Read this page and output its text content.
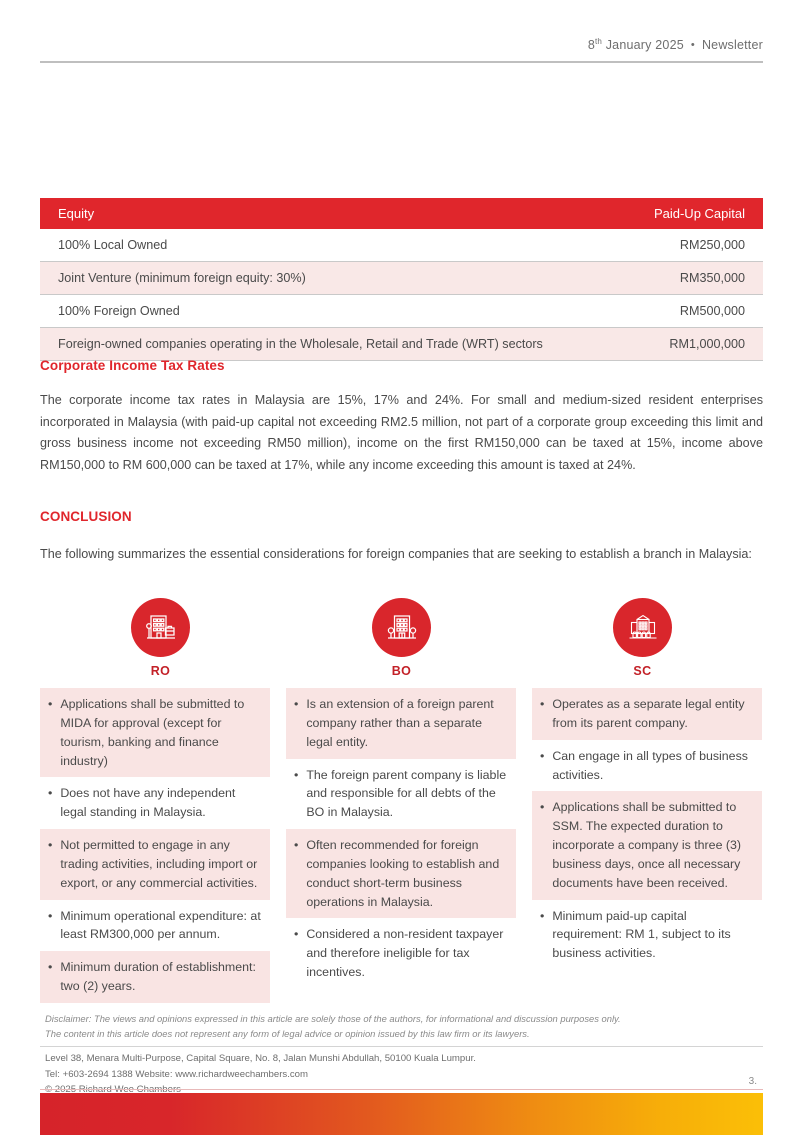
8th January 2025 • Newsletter
Equity	Paid-Up Capital
100% Local Owned	RM250,000
Joint Venture (minimum foreign equity: 30%)	RM350,000
100% Foreign Owned	RM500,000
Foreign-owned companies operating in the Wholesale, Retail and Trade (WRT) sectors	RM1,000,000
Corporate Income Tax Rates
The corporate income tax rates in Malaysia are 15%, 17% and 24%. For small and medium-sized resident enterprises incorporated in Malaysia (with paid-up capital not exceeding RM2.5 million, not part of a corporate group exceeding this limit and gross business income not exceeding RM50 million), income on the first RM150,000 can be taxed at 15%, income above RM150,000 to RM 600,000 can be taxed at 17%, while any income exceeding this amount is taxed at 24%.
CONCLUSION
The following summarizes the essential considerations for foreign companies that are seeking to establish a branch in Malaysia:
RO	BO	SC
• Applications shall be submitted to MIDA for approval (except for tourism, banking and finance industry)
• Does not have any independent legal standing in Malaysia.
• Not permitted to engage in any trading activities, including import or export, or any commercial activities.
• Minimum operational expenditure: at least RM300,000 per annum.
• Minimum duration of establishment: two (2) years.
• Is an extension of a foreign parent company rather than a separate legal entity.
• The foreign parent company is liable and responsible for all debts of the BO in Malaysia.
• Often recommended for foreign companies looking to establish and conduct short-term business operations in Malaysia.
• Considered a non-resident taxpayer and therefore ineligible for tax incentives.
• Operates as a separate legal entity from its parent company.
• Can engage in all types of business activities.
• Applications shall be submitted to SSM. The expected duration to incorporate a company is three (3) business days, once all necessary documents have been received.
• Minimum paid-up capital requirement: RM 1, subject to its business activities.
Disclaimer: The views and opinions expressed in this article are solely those of the authors, for informational and discussion purposes only.
The content in this article does not represent any form of legal advice or opinion issued by this law firm or its lawyers.
Level 38, Menara Multi-Purpose, Capital Square, No. 8, Jalan Munshi Abdullah, 50100 Kuala Lumpur.
Tel: +603-2694 1388 Website: www.richardweechambers.com
3.
